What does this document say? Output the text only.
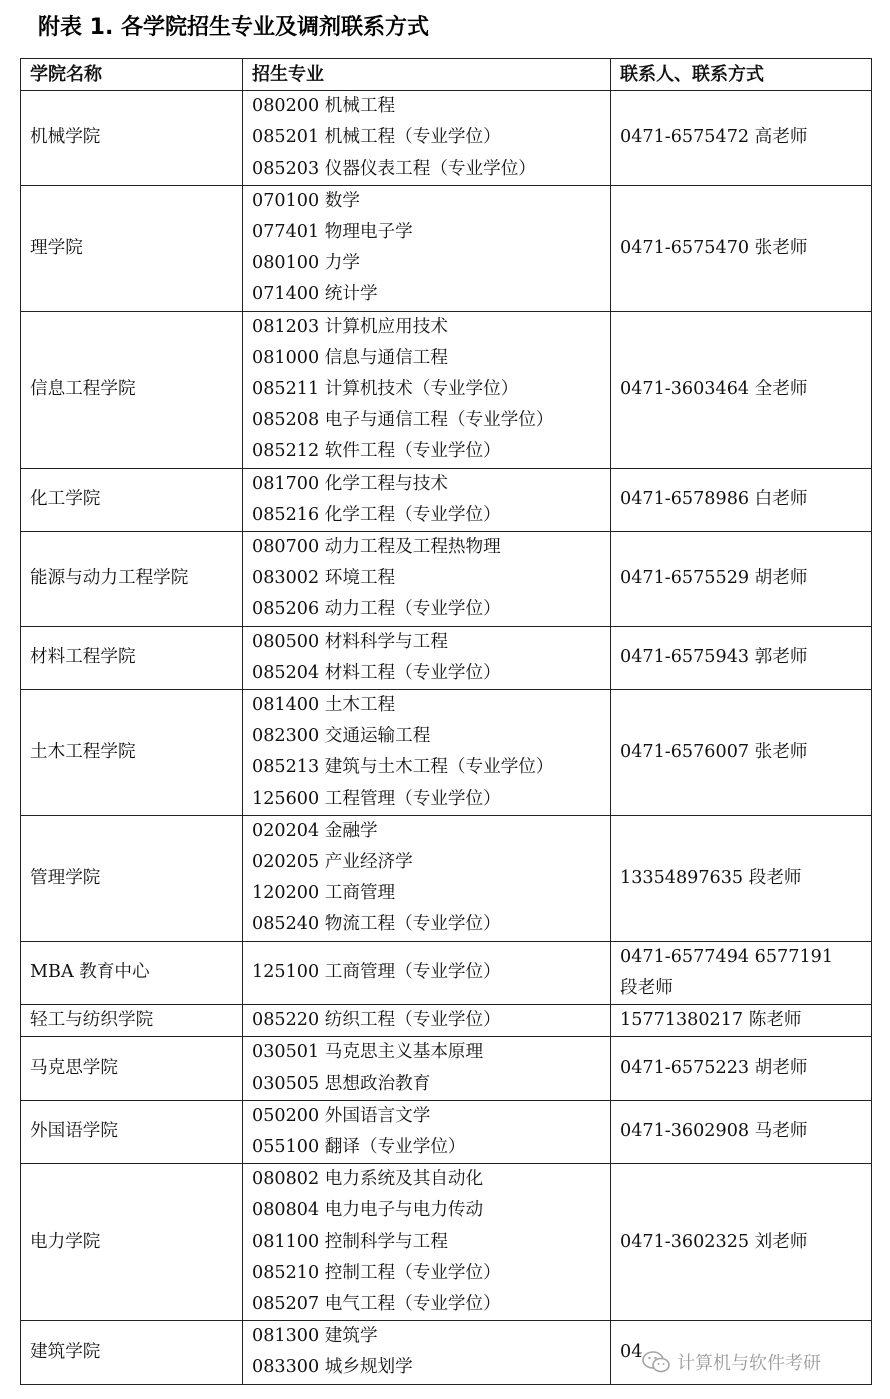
附表 1. 各学院招生专业及调剂联系方式
学院名称	招生专业	联系人、联系方式
机械学院	080200 机械工程
085201 机械工程（专业学位）
085203 仪器仪表工程（专业学位）	0471-6575472 高老师

理学院	070100 数学
077401 物理电子学
080100 力学
071400 统计学	0471-6575470 张老师

信息工程学院	081203 计算机应用技术
081000 信息与通信工程
085211 计算机技术（专业学位）
085208 电子与通信工程（专业学位）
085212 软件工程（专业学位）	0471-3603464 全老师

化工学院	081700 化学工程与技术
085216 化学工程（专业学位）	0471-6578986 白老师

能源与动力工程学院	080700 动力工程及工程热物理
083002 环境工程
085206 动力工程（专业学位）	0471-6575529 胡老师

材料工程学院	080500 材料科学与工程
085204 材料工程（专业学位）	0471-6575943 郭老师

土木工程学院	081400 土木工程
082300 交通运输工程
085213 建筑与土木工程（专业学位）
125600 工程管理（专业学位）	0471-6576007 张老师

管理学院	020204 金融学
020205 产业经济学
120200 工商管理
085240 物流工程（专业学位）	13354897635 段老师

MBA 教育中心	125100 工商管理（专业学位）	0471-6577494 6577191
段老师

轻工与纺织学院	085220 纺织工程（专业学位）	15771380217 陈老师

马克思学院	030501 马克思主义基本原理
030505 思想政治教育	0471-6575223 胡老师

外国语学院	050200 外国语言文学
055100 翻译（专业学位）	0471-3602908 马老师

电力学院	080802 电力系统及其自动化
080804 电力电子与电力传动
081100 控制科学与工程
085210 控制工程（专业学位）
085207 电气工程（专业学位）	0471-3602325 刘老师

建筑学院	081300 建筑学
083300 城乡规划学	04
计算机与软件考研
